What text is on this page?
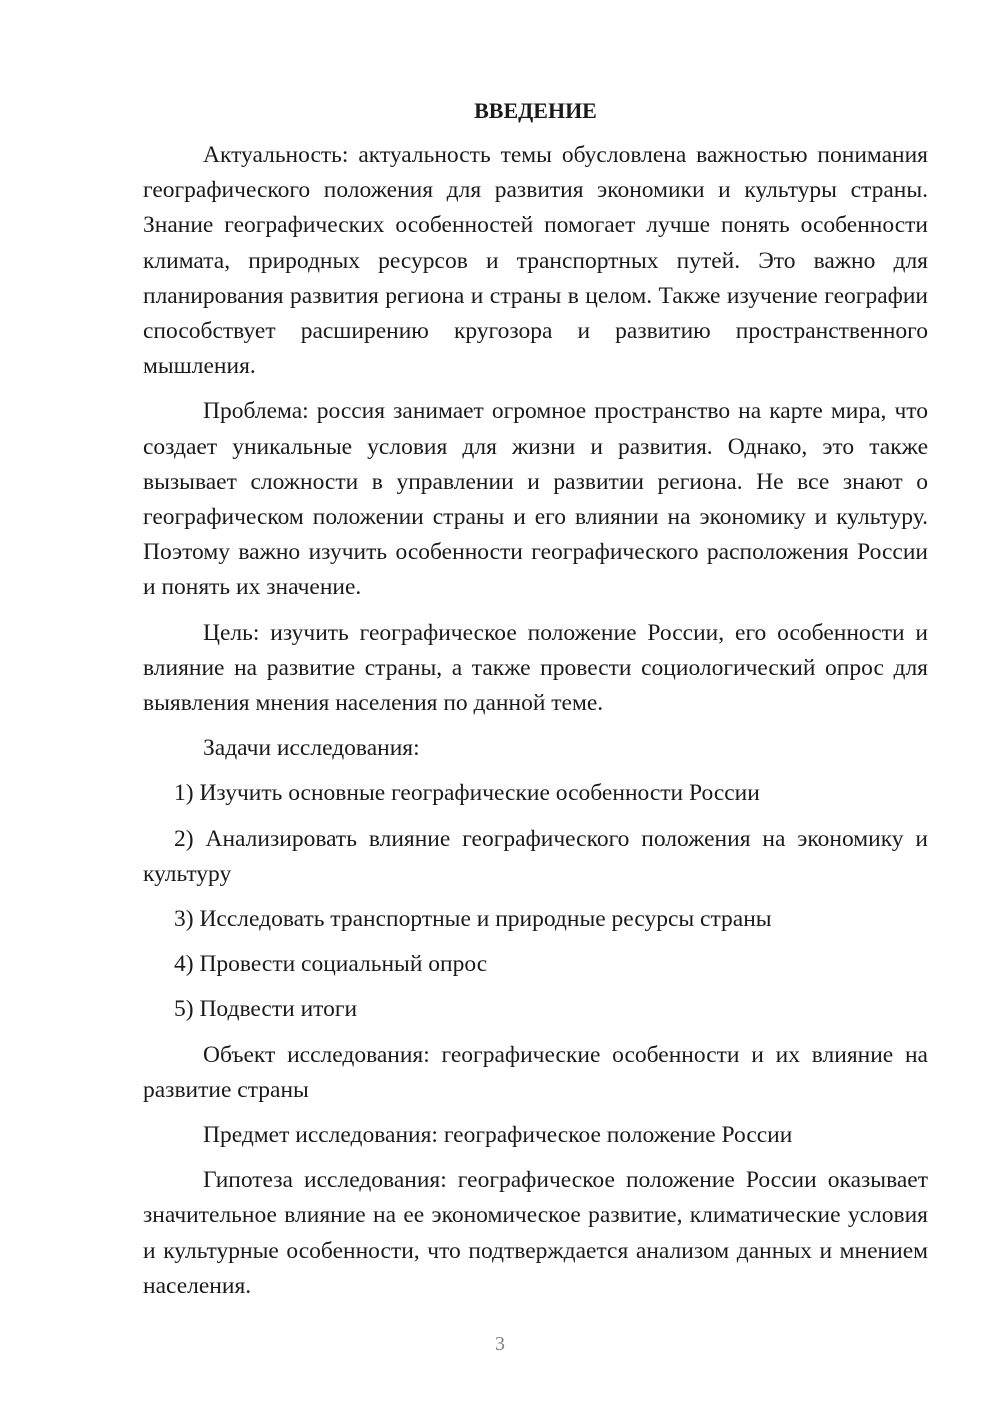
ВВЕДЕНИЕ

Актуальность: актуальность темы обусловлена важностью понимания географического положения для развития экономики и культуры страны. Знание географических особенностей помогает лучше понять особенности климата, природных ресурсов и транспортных путей. Это важно для планирования развития региона и страны в целом. Также изучение географии способствует расширению кругозора и развитию пространственного мышления.

Проблема: россия занимает огромное пространство на карте мира, что создает уникальные условия для жизни и развития. Однако, это также вызывает сложности в управлении и развитии региона. Не все знают о географическом положении страны и его влиянии на экономику и культуру. Поэтому важно изучить особенности географического расположения России и понять их значение.

Цель: изучить географическое положение России, его особенности и влияние на развитие страны, а также провести социологический опрос для выявления мнения населения по данной теме.

Задачи исследования:

1) Изучить основные географические особенности России

2) Анализировать влияние географического положения на экономику и культуру

3) Исследовать транспортные и природные ресурсы страны

4) Провести социальный опрос

5) Подвести итоги

Объект исследования: географические особенности и их влияние на развитие страны

Предмет исследования: географическое положение России

Гипотеза исследования: географическое положение России оказывает значительное влияние на ее экономическое развитие, климатические условия и культурные особенности, что подтверждается анализом данных и мнением населения.

3
